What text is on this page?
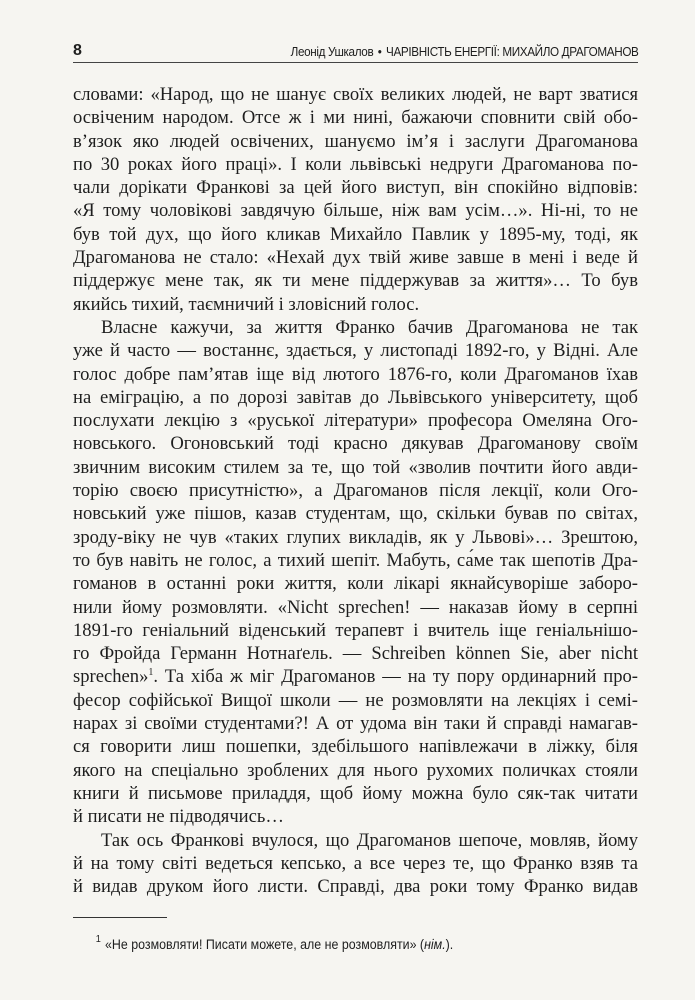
8	Леонід Ушкалов • ЧАРІВНІСТЬ ЕНЕРГІЇ: МИХАЙЛО ДРАГОМАНОВ
словами: «Народ, що не шанує своїх великих людей, не варт зватися
освіченим народом. Отсе ж і ми нині, бажаючи сповнити свій обо-
в’язок яко людей освічених, шануємо ім’я і заслуги Драгоманова
по 30 роках його праці». І коли львівські недруги Драгоманова по-
чали дорікати Франкові за цей його виступ, він спокійно відповів:
«Я тому чоловікові завдячую більше, ніж вам усім…». Ні-ні, то не
був той дух, що його кликав Михайло Павлик у 1895-му, тоді, як
Драгоманова не стало: «Нехай дух твій живе завше в мені і веде й
піддержує мене так, як ти мене піддержував за життя»… То був
якийсь тихий, таємничий і зловісний голос.
Власне кажучи, за життя Франко бачив Драгоманова не так
уже й часто — востаннє, здається, у листопаді 1892-го, у Відні. Але
голос добре пам’ятав іще від лютого 1876-го, коли Драгоманов їхав
на еміграцію, а по дорозі завітав до Львівського університету, щоб
послухати лекцію з «руської літератури» професора Омеляна Ого-
новського. Огоновський тоді красно дякував Драгоманову своїм
звичним високим стилем за те, що той «зволив почтити його авди-
торію своєю присутністю», а Драгоманов після лекції, коли Ого-
новський уже пішов, казав студентам, що, скільки бував по світах,
зроду-віку не чув «таких глупих викладів, як у Львові»… Зрештою,
то був навіть не голос, а тихий шепіт. Мабуть, са́ме так шепотів Дра-
гоманов в останні роки життя, коли лікарі якнайсуворіше заборо-
нили йому розмовляти. «Nicht sprechen! — наказав йому в серпні
1891-го геніальний віденський терапевт і вчитель іще геніальнішо-
го Фройда Германн Нотнаґель. — Schreiben können Sie, aber nicht
sprechen»$^1$. Та хіба ж міг Драгоманов — на ту пору ординарний про-
фесор софійської Вищої школи — не розмовляти на лекціях і семі-
нарах зі своїми студентами?! А от удома він таки й справді намагав-
ся говорити лиш пошепки, здебільшого напівлежачи в ліжку, біля
якого на спеціально зроблених для нього рухомих поличках стояли
книги й письмове приладдя, щоб йому можна було сяк-так читати
й писати не підводячись…
Так ось Франкові вчулося, що Драгоманов шепоче, мовляв, йому
й на тому світі ведеться кепсько, а все через те, що Франко взяв та
й видав друком його листи. Справді, два роки тому Франко видав
1 «Не розмовляти! Писати можете, але не розмовляти» (нім.).
